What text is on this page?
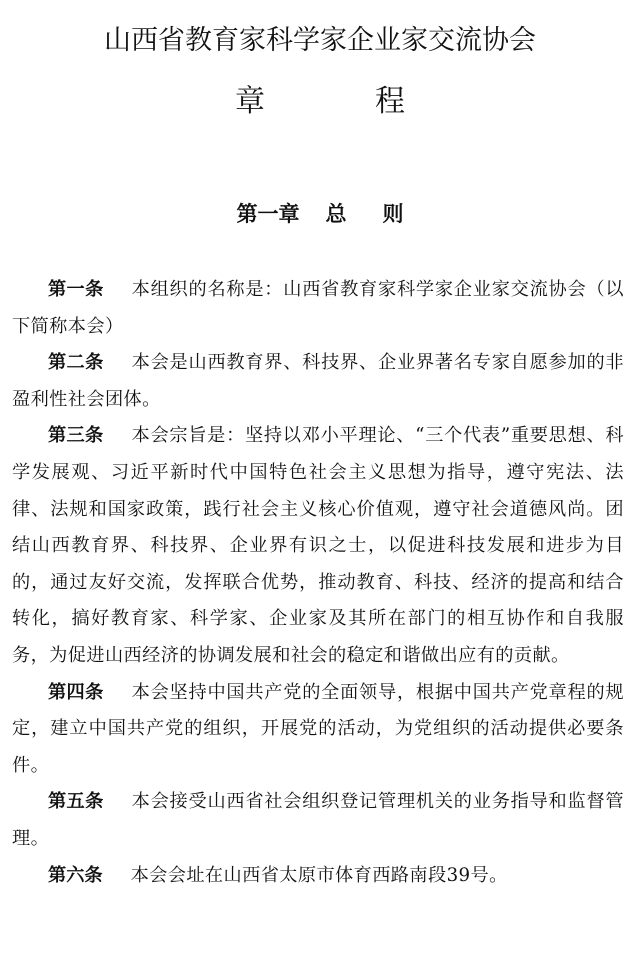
山西省教育家科学家企业家交流协会
章程
第一章 总 则

第一条 本组织的名称是：山西省教育家科学家企业家交流协会（以下简称本会）

第二条 本会是山西教育界、科技界、企业界著名专家自愿参加的非盈利性社会团体。

第三条 本会宗旨是：坚持以邓小平理论、“三个代表”重要思想、科学发展观、习近平新时代中国特色社会主义思想为指导，遵守宪法、法律、法规和国家政策，践行社会主义核心价值观，遵守社会道德风尚。团结山西教育界、科技界、企业界有识之士，以促进科技发展和进步为目的，通过友好交流，发挥联合优势，推动教育、科技、经济的提高和结合转化，搞好教育家、科学家、企业家及其所在部门的相互协作和自我服务，为促进山西经济的协调发展和社会的稳定和谐做出应有的贡献。

第四条 本会坚持中国共产党的全面领导，根据中国共产党章程的规定，建立中国共产党的组织，开展党的活动，为党组织的活动提供必要条件。

第五条 本会接受山西省社会组织登记管理机关的业务指导和监督管理。

第六条 本会会址在山西省太原市体育西路南段39号。
